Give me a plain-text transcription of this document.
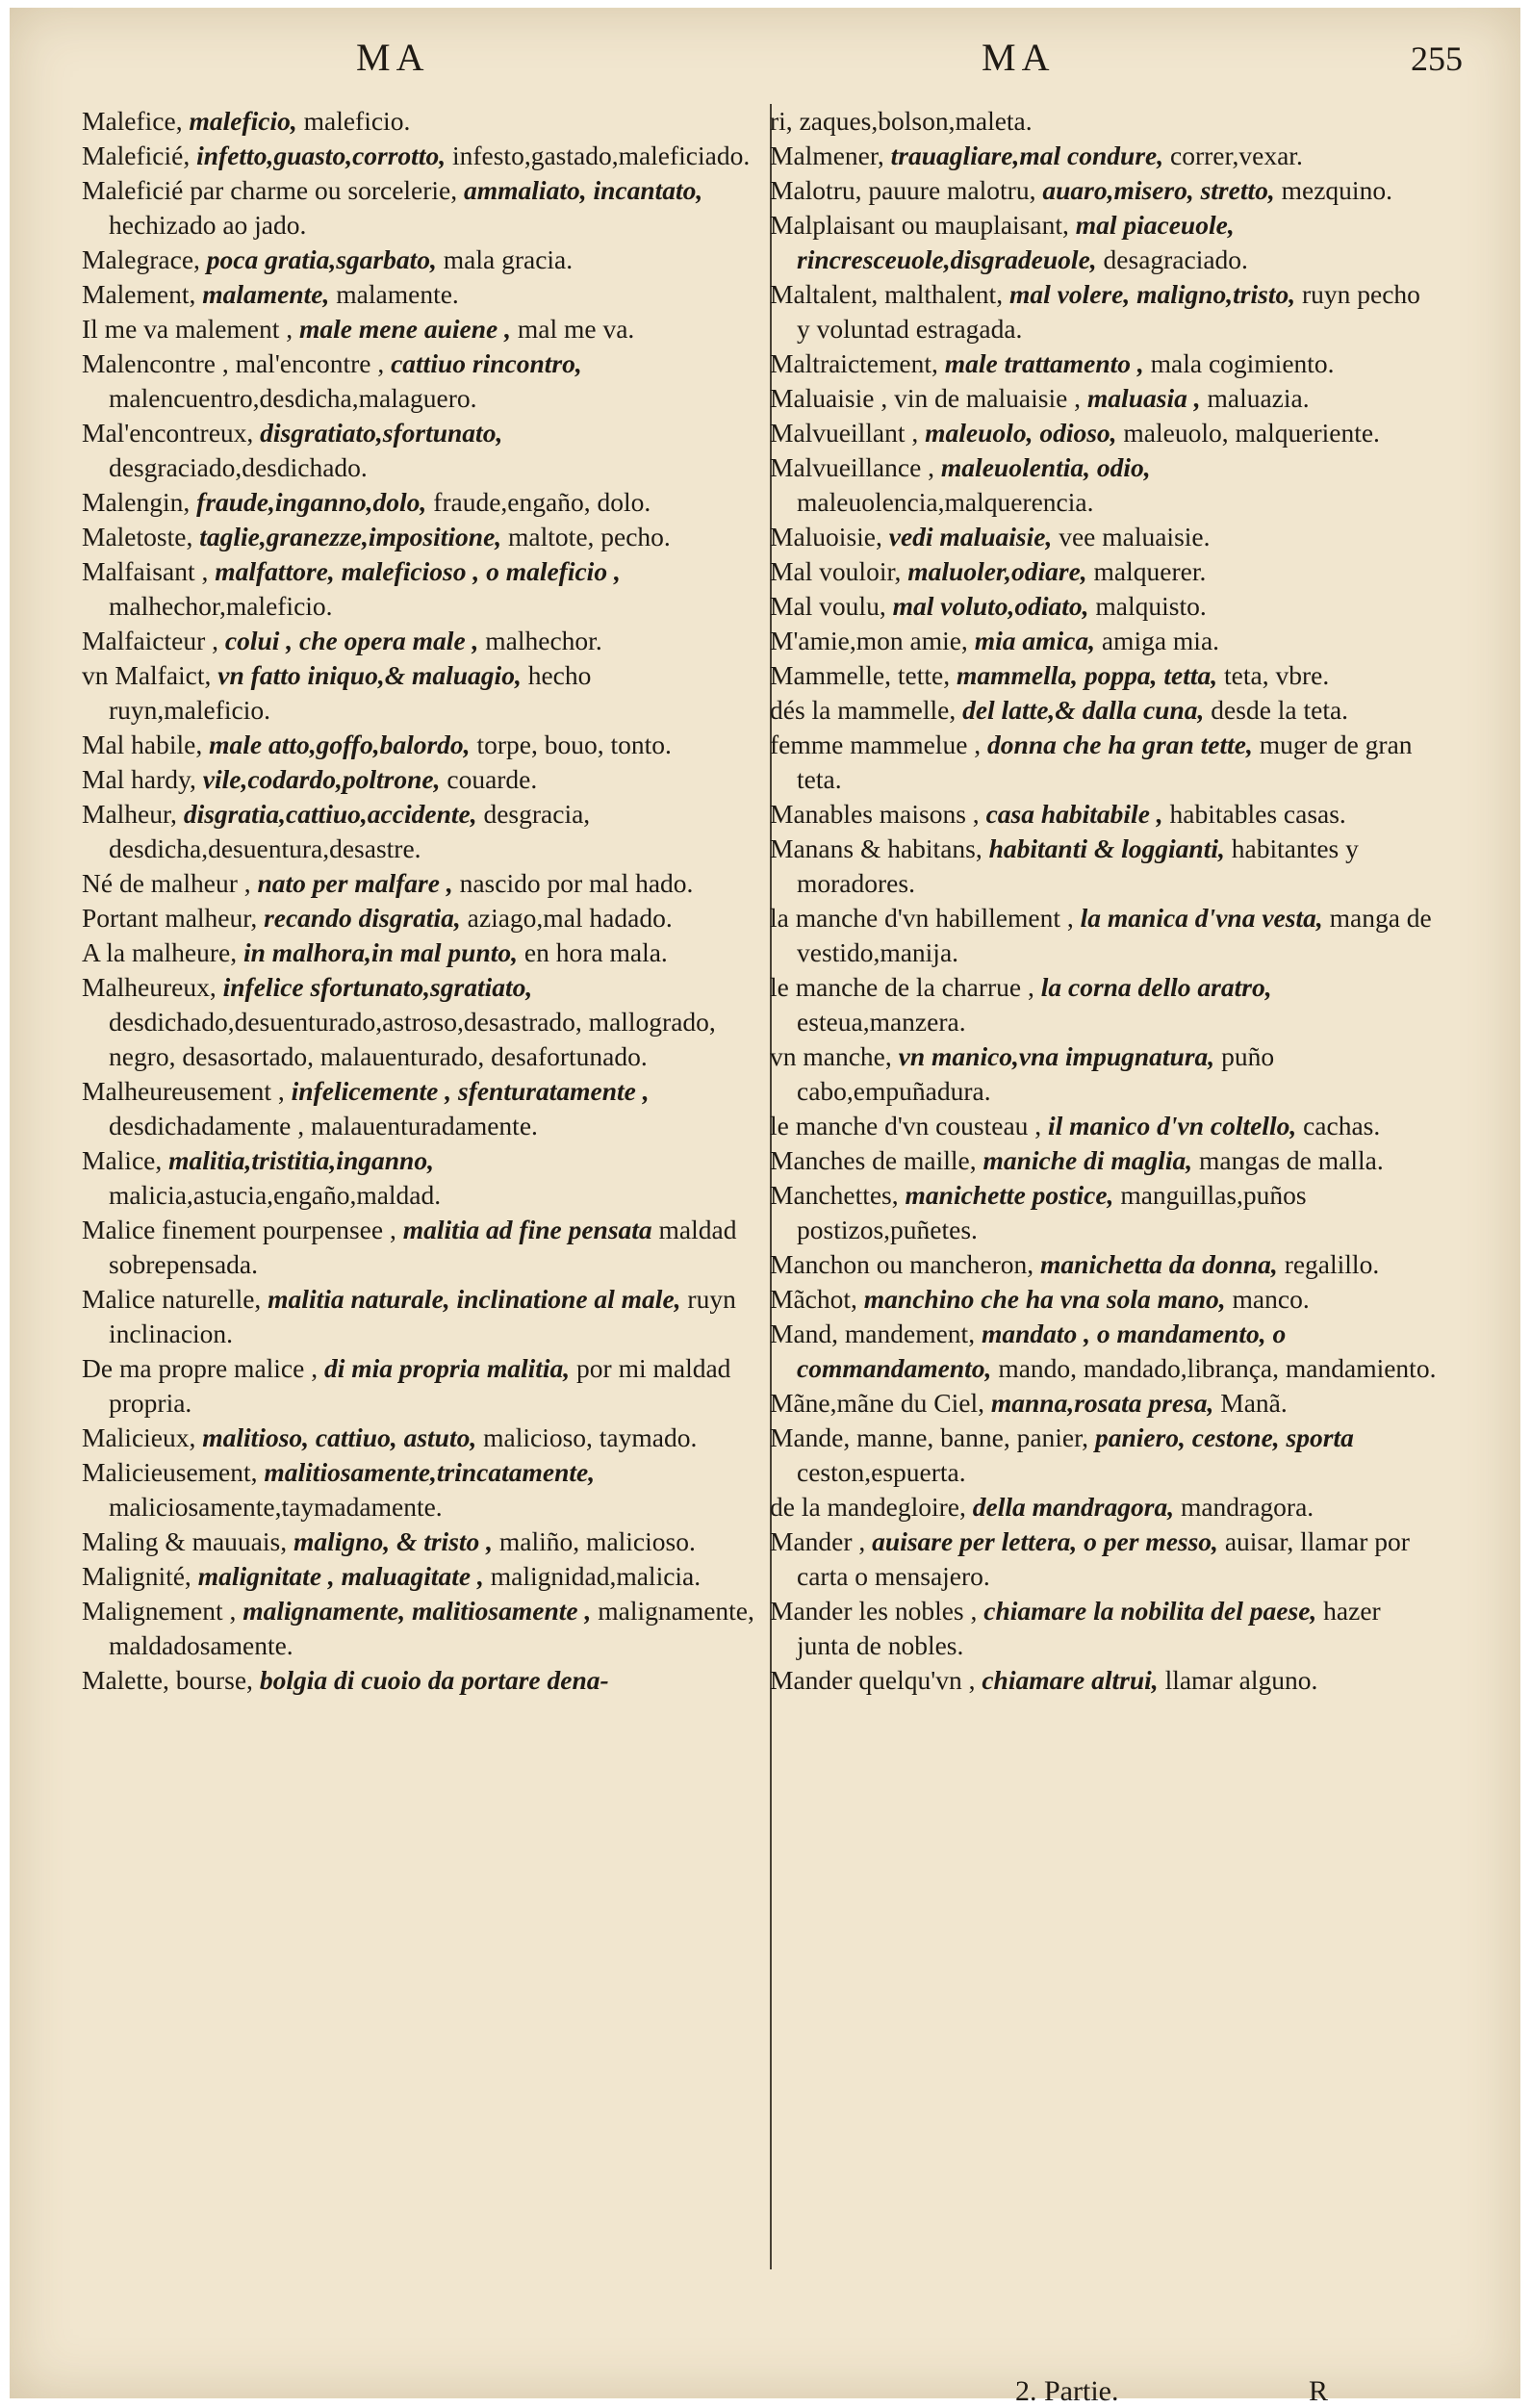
MA	MA	255

Malefice, maleficio, maleficio.

Maleficié, infetto,guasto,corrotto, infesto,gastado,maleficiado.

Maleficié par charme ou sorcelerie, ammaliato, incantato, hechizado ao jado.

Malegrace, poca gratia,sgarbato, mala gracia.

Malement, malamente, malamente.

Il me va malement , male mene auiene , mal me va.

Malencontre , mal'encontre , cattiuo rincontro, malencuentro,desdicha,malaguero.

Mal'encontreux, disgratiato,sfortunato, desgraciado,desdichado.

Malengin, fraude,inganno,dolo, fraude,engaño, dolo.

Maletoste, taglie,granezze,impositione, maltote, pecho.

Malfaisant , malfattore, maleficioso , o maleficio , malhechor,maleficio.

Malfaicteur , colui , che opera male , malhechor.

vn Malfaict, vn fatto iniquo,& maluagio, hecho ruyn,maleficio.

Mal habile, male atto,goffo,balordo, torpe, bouo, tonto.

Mal hardy, vile,codardo,poltrone, couarde.

Malheur, disgratia,cattiuo,accidente, desgracia, desdicha,desuentura,desastre.

Né de malheur , nato per malfare , nascido por mal hado.

Portant malheur, recando disgratia, aziago,mal hadado.

A la malheure, in malhora,in mal punto, en hora mala.

Malheureux, infelice sfortunato,sgratiato, desdichado,desuenturado,astroso,desastrado, mallogrado, negro, desasortado, malauenturado, desafortunado.

Malheureusement , infelicemente , sfenturatamente , desdichadamente , malauenturadamente.

Malice, malitia,tristitia,inganno, malicia,astucia,engaño,maldad.

Malice finement pourpensee , malitia ad fine pensata maldad sobrepensada.

Malice naturelle, malitia naturale, inclinatione al male, ruyn inclinacion.

De ma propre malice , di mia propria malitia, por mi maldad propria.

Malicieux, malitioso, cattiuo, astuto, malicioso, taymado.

Malicieusement, malitiosamente,trincatamente, maliciosamente,taymadamente.

Maling & mauuais, maligno, & tristo , maliño, malicioso.

Malignité, malignitate , maluagitate , malignidad,malicia.

Malignement , malignamente, malitiosamente , malignamente, maldadosamente.

Malette, bourse, bolgia di cuoio da portare dena-

ri, zaques,bolson,maleta.

Malmener, trauagliare,mal condure, correr,vexar.

Malotru, pauure malotru, auaro,misero, stretto, mezquino.

Malplaisant ou mauplaisant, mal piaceuole, rincresceuole,disgradeuole, desagraciado.

Maltalent, malthalent, mal volere, maligno,tristo, ruyn pecho y voluntad estragada.

Maltraictement, male trattamento , mala cogimiento.

Maluaisie , vin de maluaisie , maluasia , maluazia.

Malvueillant , maleuolo, odioso, maleuolo, malqueriente.

Malvueillance , maleuolentia, odio, maleuolencia,malquerencia.

Maluoisie, vedi maluaisie, vee maluaisie.

Mal vouloir, maluoler,odiare, malquerer.

Mal voulu, mal voluto,odiato, malquisto.

M'amie,mon amie, mia amica, amiga mia.

Mammelle, tette, mammella, poppa, tetta, teta, vbre.

dés la mammelle, del latte,& dalla cuna, desde la teta.

femme mammelue , donna che ha gran tette, muger de gran teta.

Manables maisons , casa habitabile , habitables casas.

Manans & habitans, habitanti & loggianti, habitantes y moradores.

la manche d'vn habillement , la manica d'vna vesta, manga de vestido,manija.

le manche de la charrue , la corna dello aratro, esteua,manzera.

vn manche, vn manico,vna impugnatura, puño cabo,empuñadura.

le manche d'vn cousteau , il manico d'vn coltello, cachas.

Manches de maille, maniche di maglia, mangas de malla.

Manchettes, manichette postice, manguillas,puños postizos,puñetes.

Manchon ou mancheron, manichetta da donna, regalillo.

Mãchot, manchino che ha vna sola mano, manco.

Mand, mandement, mandato , o mandamento, o commandamento, mando, mandado,librança, mandamiento.

Mãne,mãne du Ciel, manna,rosata presa, Manã.

Mande, manne, banne, panier, paniero, cestone, sporta ceston,espuerta.

de la mandegloire, della mandragora, mandragora.

Mander , auisare per lettera, o per messo, auisar, llamar por carta o mensajero.

Mander les nobles , chiamare la nobilita del paese, hazer junta de nobles.

Mander quelqu'vn , chiamare altrui, llamar alguno.

2. Partie.	R
